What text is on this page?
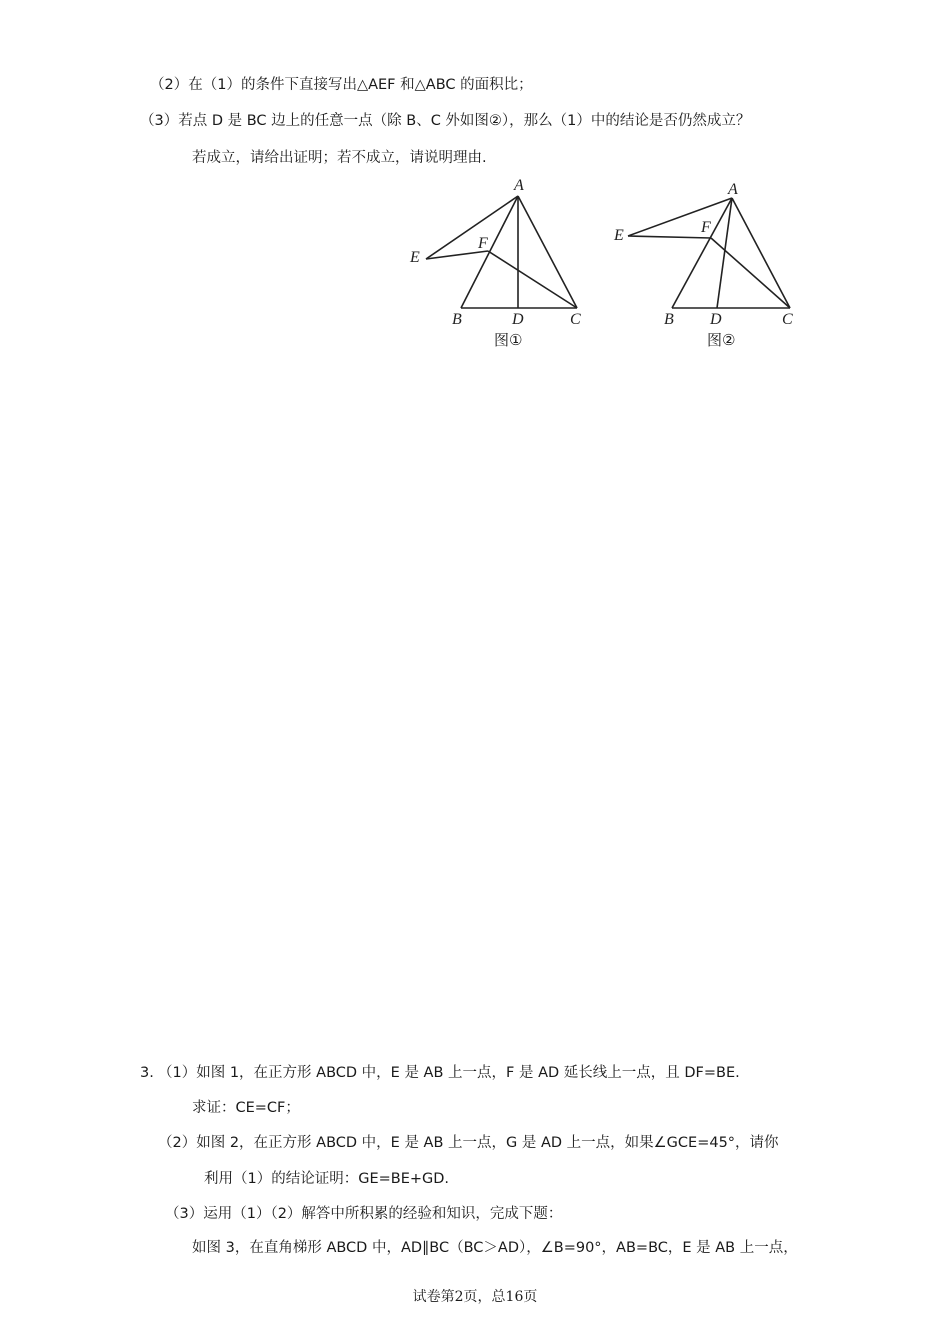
（2）在（1）的条件下直接写出△AEF 和△ABC 的面积比；
（3）若点 D 是 BC 边上的任意一点（除 B、C 外如图②），那么（1）中的结论是否仍然成立？
若成立，请给出证明；若不成立，请说明理由.
A
F
E
B	D	C
图①
A
F
E
B D	C
图②
3. （1）如图 1，在正方形 ABCD 中，E 是 AB 上一点，F 是 AD 延长线上一点，且 DF=BE.
求证：CE=CF；
（2）如图 2，在正方形 ABCD 中，E 是 AB 上一点，G 是 AD 上一点，如果∠GCE=45°，请你
利用（1）的结论证明：GE=BE+GD.
（3）运用（1）（2）解答中所积累的经验和知识，完成下题：
如图 3，在直角梯形 ABCD 中，AD∥BC（BC＞AD），∠B=90°，AB=BC，E 是 AB 上一点，
试卷第2页，总16页
